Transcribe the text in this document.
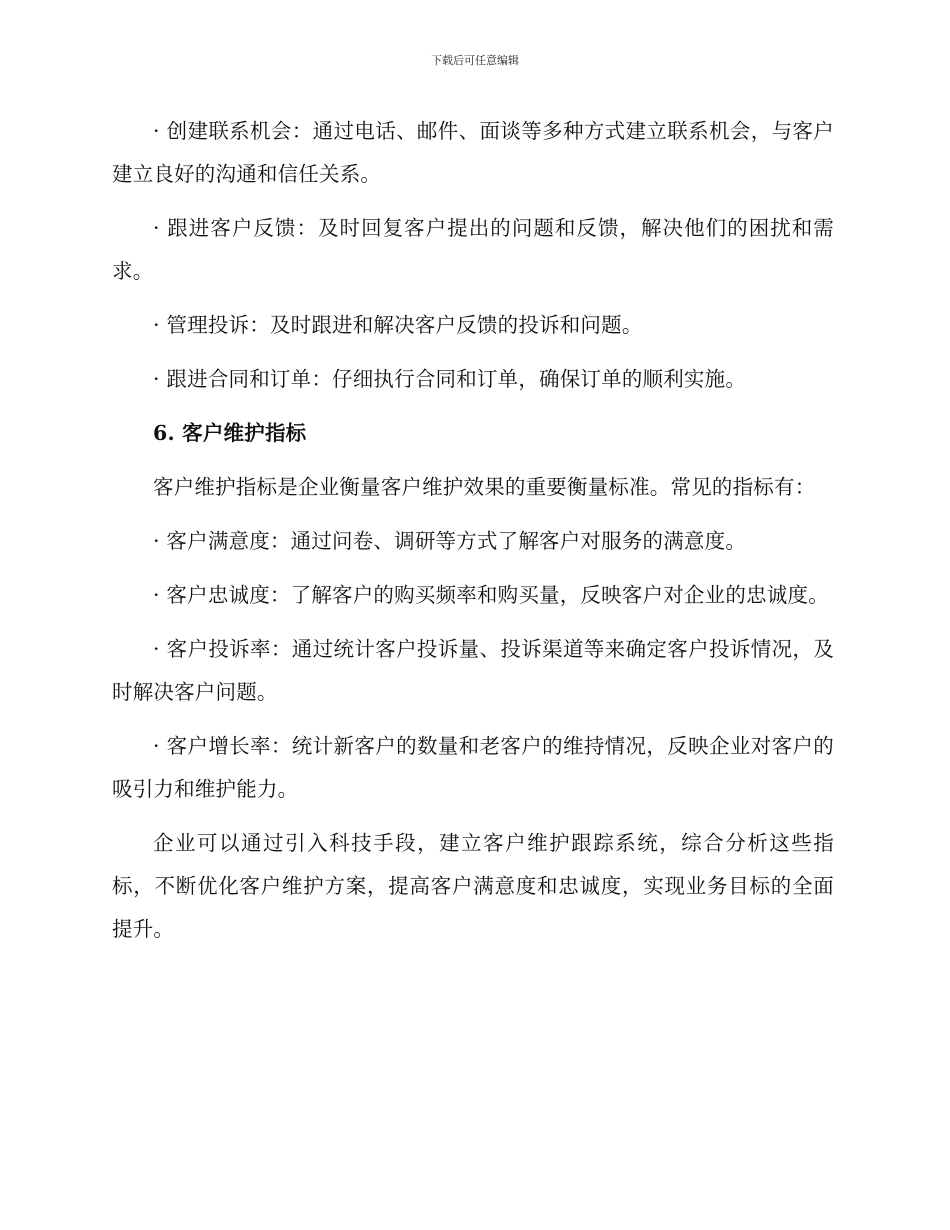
下载后可任意编辑

· 创建联系机会：通过电话、邮件、面谈等多种方式建立联系机会，与客户建立良好的沟通和信任关系。

· 跟进客户反馈：及时回复客户提出的问题和反馈，解决他们的困扰和需求。

· 管理投诉：及时跟进和解决客户反馈的投诉和问题。

· 跟进合同和订单：仔细执行合同和订单，确保订单的顺利实施。

6. 客户维护指标

客户维护指标是企业衡量客户维护效果的重要衡量标准。常见的指标有：

· 客户满意度：通过问卷、调研等方式了解客户对服务的满意度。

· 客户忠诚度：了解客户的购买频率和购买量，反映客户对企业的忠诚度。

· 客户投诉率：通过统计客户投诉量、投诉渠道等来确定客户投诉情况，及时解决客户问题。

· 客户增长率：统计新客户的数量和老客户的维持情况，反映企业对客户的吸引力和维护能力。

企业可以通过引入科技手段，建立客户维护跟踪系统，综合分析这些指标，不断优化客户维护方案，提高客户满意度和忠诚度，实现业务目标的全面提升。
